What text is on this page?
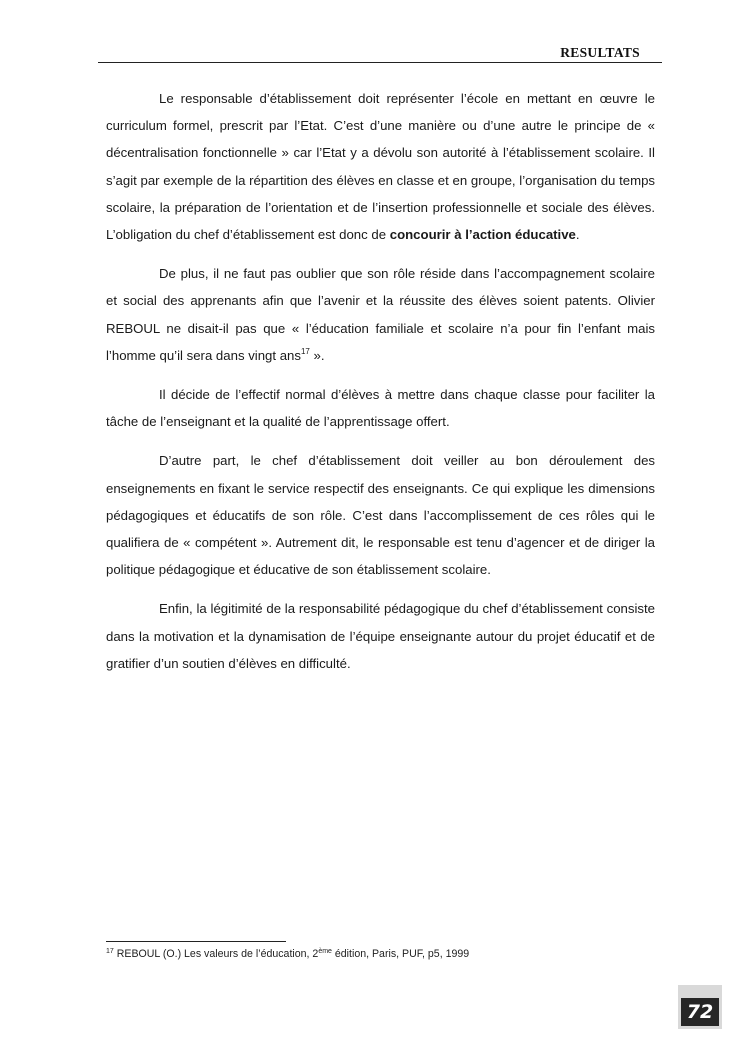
RESULTATS

Le responsable d’établissement doit représenter l’école en mettant en œuvre le curriculum formel, prescrit par l’Etat. C’est d’une manière ou d’une autre le principe de « décentralisation fonctionnelle » car l’Etat y a dévolu son autorité à l’établissement scolaire. Il s’agit par exemple de la répartition des élèves en classe et en groupe, l’organisation du temps scolaire, la préparation de l’orientation et de l’insertion professionnelle et sociale des élèves. L’obligation du chef d’établissement est donc de concourir à l’action éducative.

De plus, il ne faut pas oublier que son rôle réside dans l’accompagnement scolaire et social des apprenants afin que l’avenir et la réussite des élèves soient patents. Olivier REBOUL ne disait-il pas que « l’éducation familiale et scolaire n’a pour fin l’enfant mais l’homme qu’il sera dans vingt ans$^{17}$ ».

Il décide de l’effectif normal d’élèves à mettre dans chaque classe pour faciliter la tâche de l’enseignant et la qualité de l’apprentissage offert.

D’autre part, le chef d’établissement doit veiller au bon déroulement des enseignements en fixant le service respectif des enseignants. Ce qui explique les dimensions pédagogiques et éducatifs de son rôle. C’est dans l’accomplissement de ces rôles qui le qualifiera de « compétent ». Autrement dit, le responsable est tenu d’agencer et de diriger la politique pédagogique et éducative de son établissement scolaire.

Enfin, la légitimité de la responsabilité pédagogique du chef d’établissement consiste dans la motivation et la dynamisation de l’équipe enseignante autour du projet éducatif et de gratifier d’un soutien d’élèves en difficulté.

$^{17}$ REBOUL (O.) Les valeurs de l’éducation, 2ème édition, Paris, PUF, p5, 1999
72
